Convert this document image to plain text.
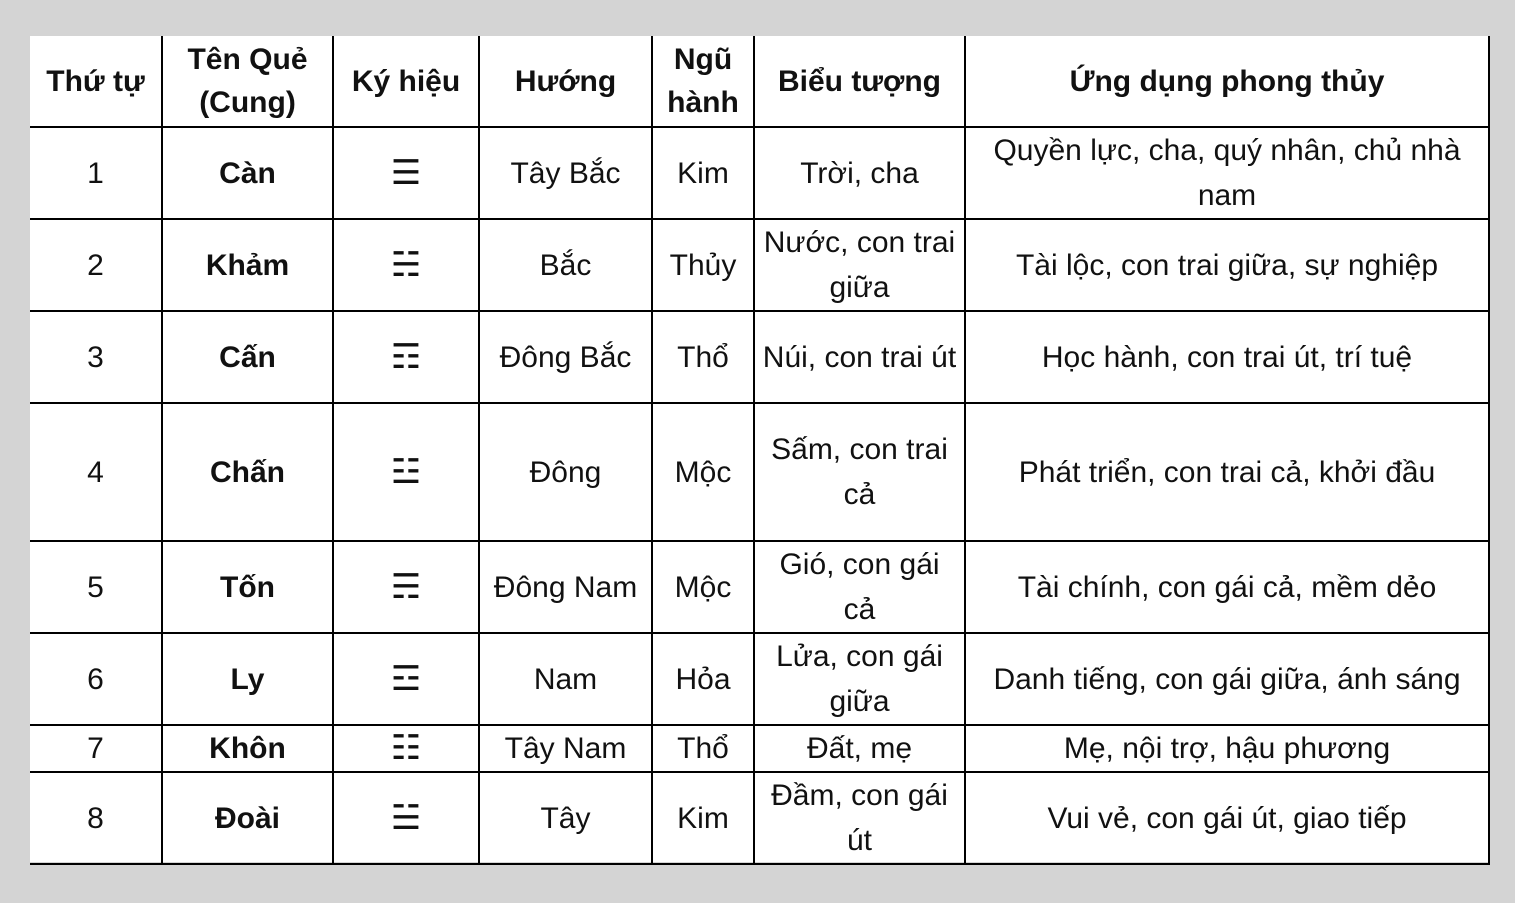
Thứ tự	Tên Quẻ (Cung)	Ký hiệu	Hướng	Ngũ hành	Biểu tượng	Ứng dụng phong thủy
1	Càn	☰	Tây Bắc	Kim	Trời, cha	Quyền lực, cha, quý nhân, chủ nhà nam
2	Khảm	☵	Bắc	Thủy	Nước, con trai giữa	Tài lộc, con trai giữa, sự nghiệp
3	Cấn	☶	Đông Bắc	Thổ	Núi, con trai út	Học hành, con trai út, trí tuệ
4	Chấn	☳	Đông	Mộc	Sấm, con trai cả	Phát triển, con trai cả, khởi đầu
5	Tốn	☴	Đông Nam	Mộc	Gió, con gái cả	Tài chính, con gái cả, mềm dẻo
6	Ly	☲	Nam	Hỏa	Lửa, con gái giữa	Danh tiếng, con gái giữa, ánh sáng
7	Khôn	☷	Tây Nam	Thổ	Đất, mẹ	Mẹ, nội trợ, hậu phương
8	Đoài	☱	Tây	Kim	Đầm, con gái út	Vui vẻ, con gái út, giao tiếp
